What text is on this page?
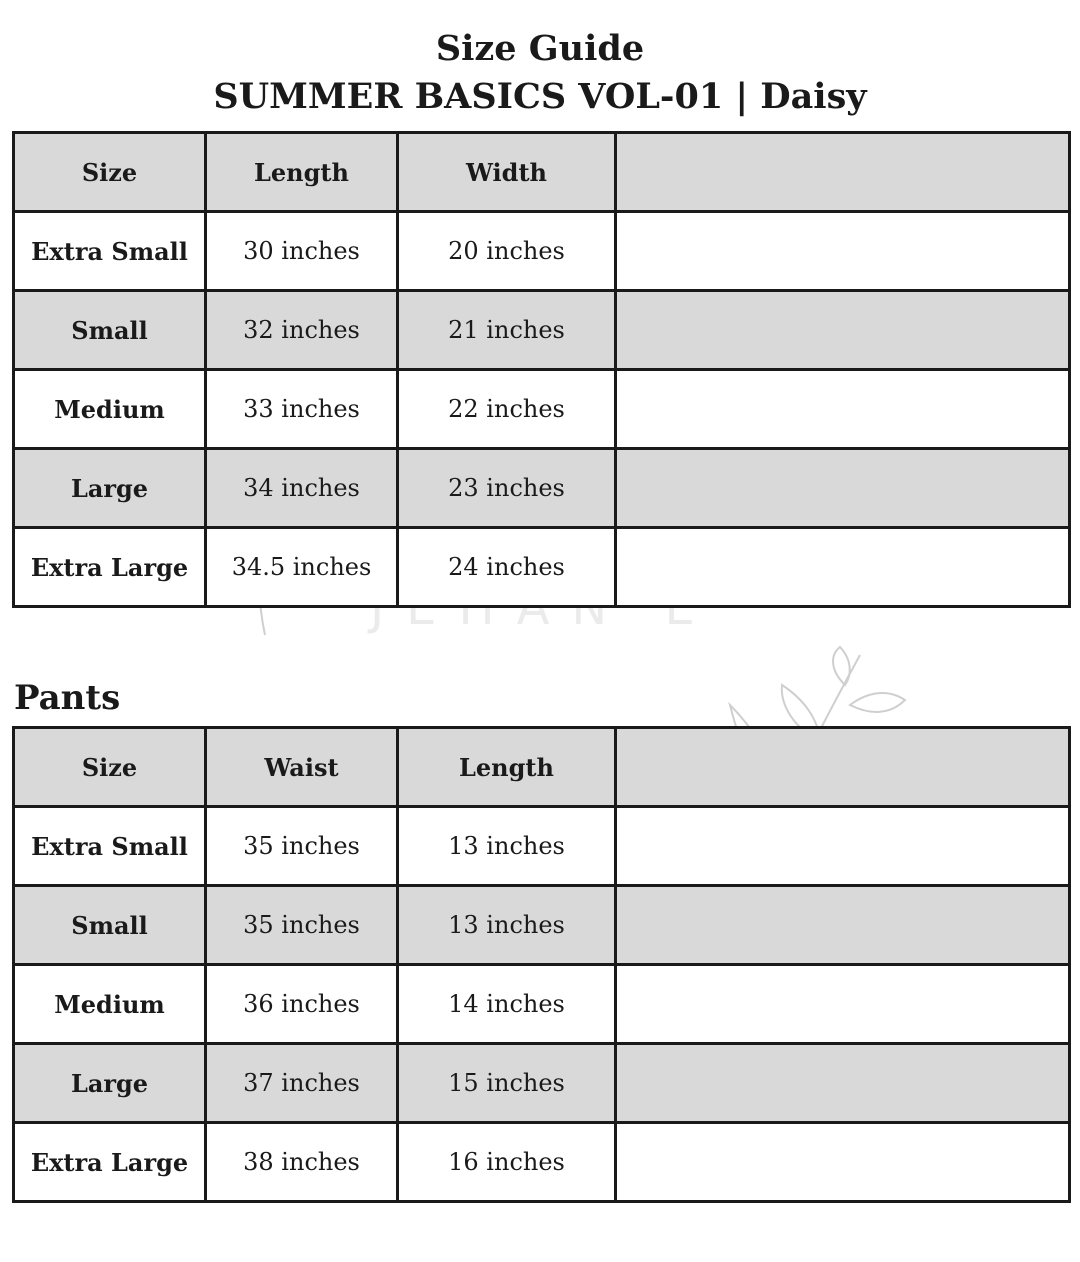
Size Guide
SUMMER BASICS VOL-01 | Daisy
JEHAN'E
Size	Length	Width	
Extra Small	30 inches	20 inches	
Small	32 inches	21 inches	
Medium	33 inches	22 inches	
Large	34 inches	23 inches	
Extra Large	34.5 inches	24 inches	
Pants
Size	Waist	Length	
Extra Small	35 inches	13 inches	
Small	35 inches	13 inches	
Medium	36 inches	14 inches	
Large	37 inches	15 inches	
Extra Large	38 inches	16 inches	
